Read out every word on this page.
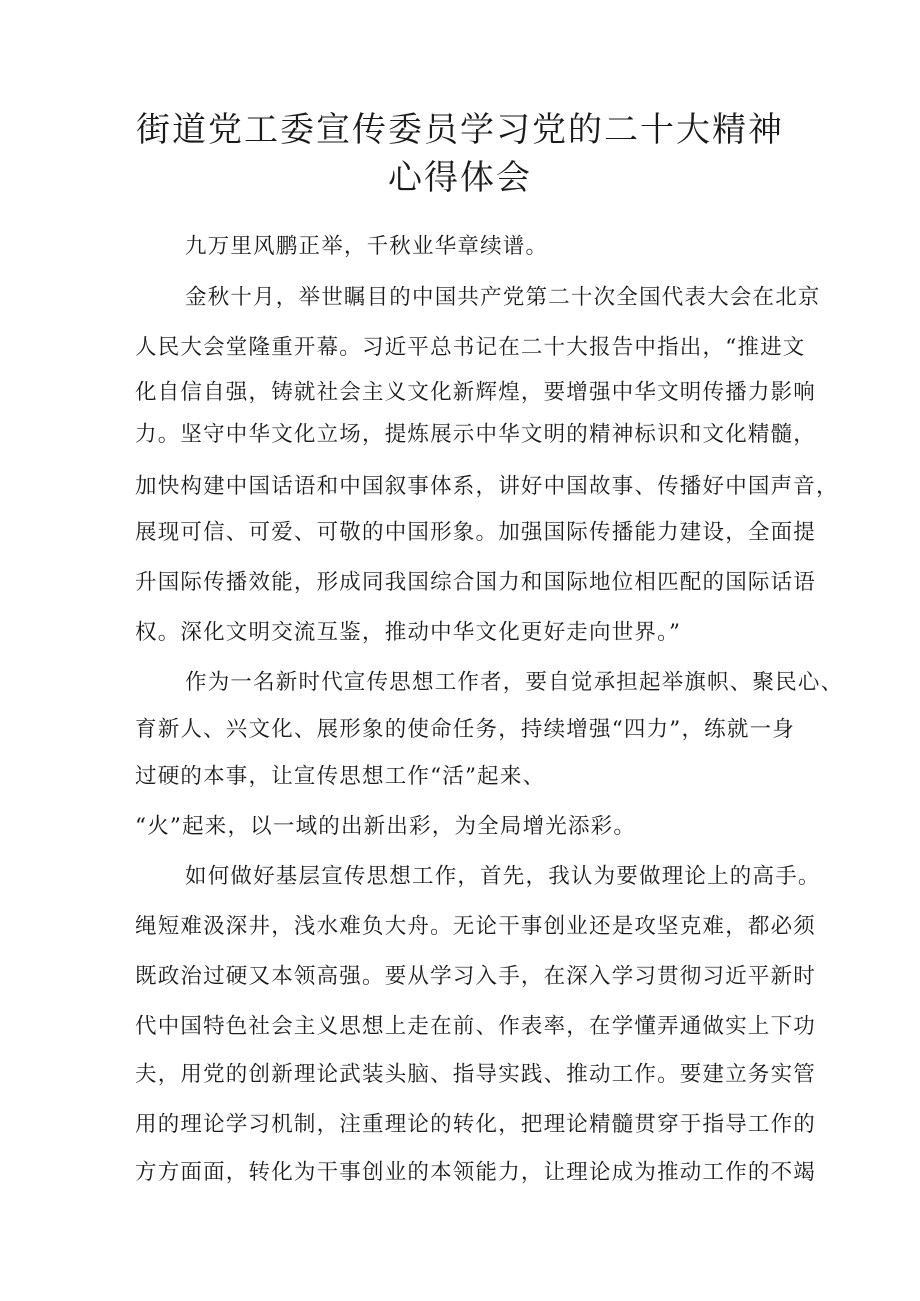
街道党工委宣传委员学习党的二十大精神
心得体会

九万里风鹏正举，千秋业华章续谱。

金秋十月，举世瞩目的中国共产党第二十次全国代表大会在北京

人民大会堂隆重开幕。习近平总书记在二十大报告中指出，“推进文

化自信自强，铸就社会主义文化新辉煌，要增强中华文明传播力影响

力。坚守中华文化立场，提炼展示中华文明的精神标识和文化精髓，

加快构建中国话语和中国叙事体系，讲好中国故事、传播好中国声音，

展现可信、可爱、可敬的中国形象。加强国际传播能力建设，全面提

升国际传播效能，形成同我国综合国力和国际地位相匹配的国际话语

权。深化文明交流互鉴，推动中华文化更好走向世界。”

作为一名新时代宣传思想工作者，要自觉承担起举旗帜、聚民心、

育新人、兴文化、展形象的使命任务，持续增强“四力”，练就一身

过硬的本事，让宣传思想工作“活”起来、

“火”起来，以一域的出新出彩，为全局增光添彩。

如何做好基层宣传思想工作，首先，我认为要做理论上的高手。

绳短难汲深井，浅水难负大舟。无论干事创业还是攻坚克难，都必须

既政治过硬又本领高强。要从学习入手，在深入学习贯彻习近平新时

代中国特色社会主义思想上走在前、作表率，在学懂弄通做实上下功

夫，用党的创新理论武装头脑、指导实践、推动工作。要建立务实管

用的理论学习机制，注重理论的转化，把理论精髓贯穿于指导工作的

方方面面，转化为干事创业的本领能力，让理论成为推动工作的不竭
